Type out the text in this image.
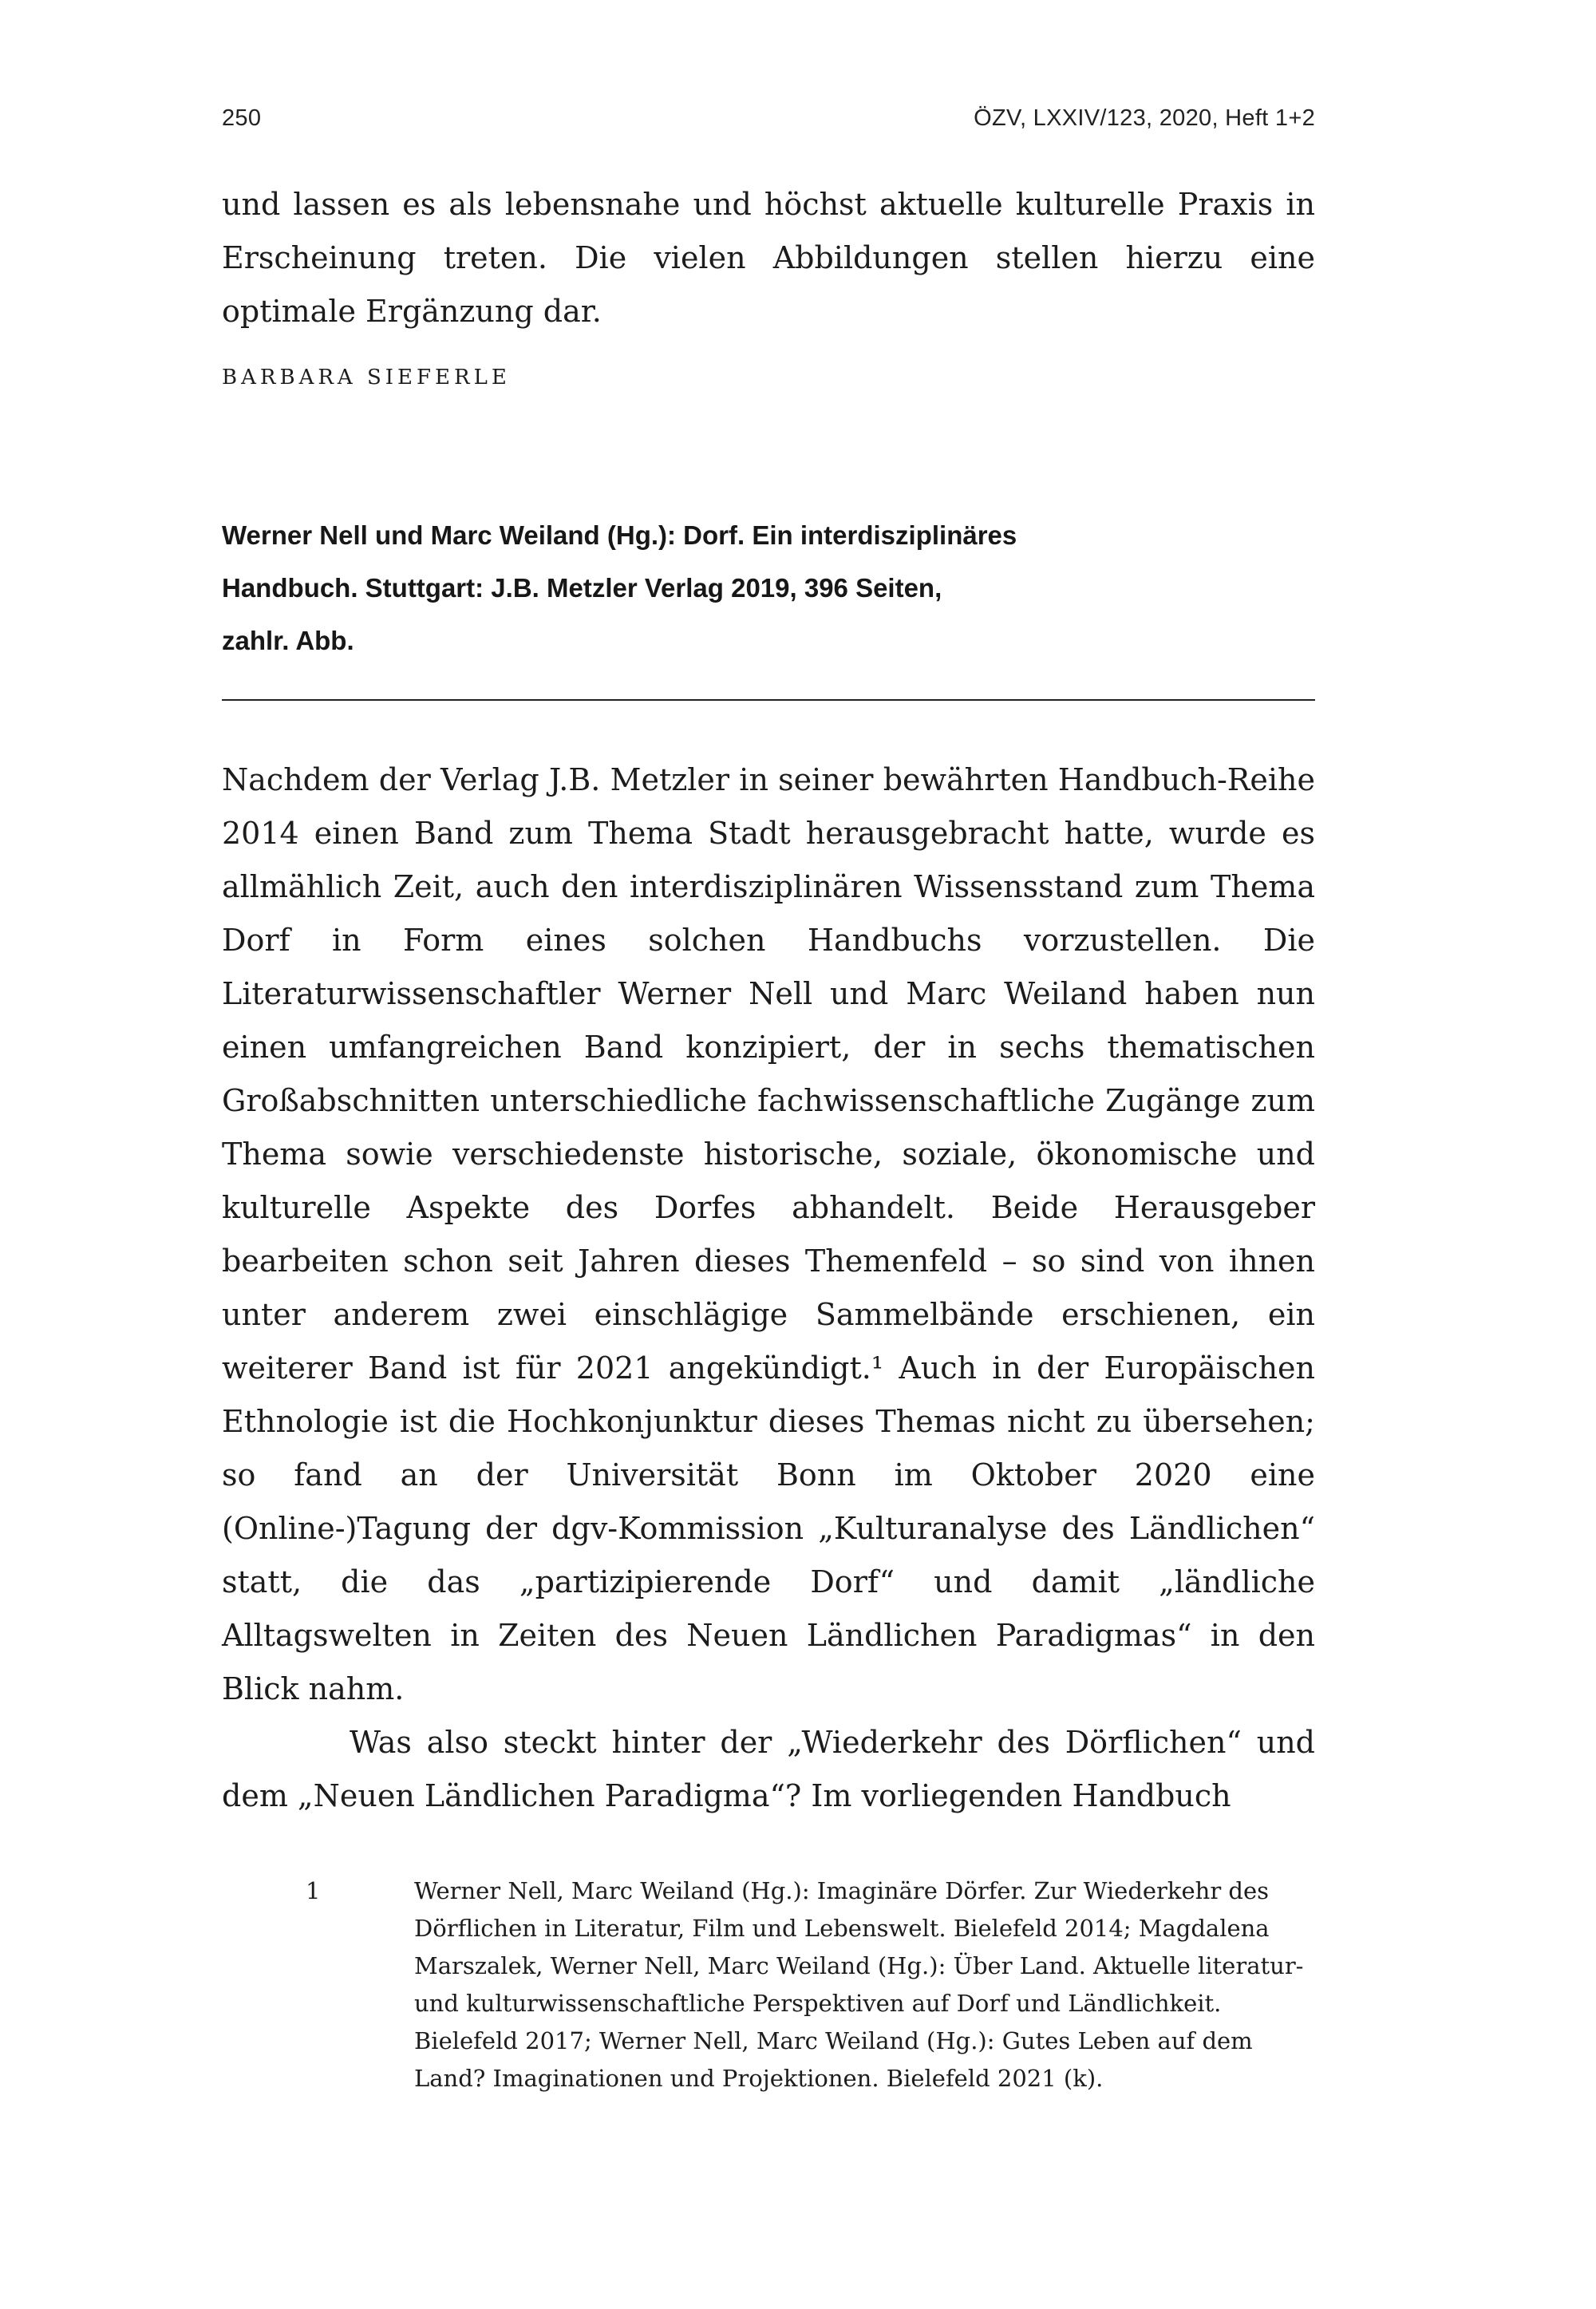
250	ÖZV, LXXIV/123, 2020, Heft 1+2

und lassen es als lebensnahe und höchst aktuelle kulturelle Praxis in Erscheinung treten. Die vielen Abbildungen stellen hierzu eine optimale Ergänzung dar.

BARBARA SIEFERLE
Werner Nell und Marc Weiland (Hg.): Dorf. Ein interdisziplinäres
Handbuch. Stuttgart: J.B. Metzler Verlag 2019, 396 Seiten,
zahlr. Abb.

Nachdem der Verlag J.B. Metzler in seiner bewährten Handbuch-Reihe 2014 einen Band zum Thema Stadt herausgebracht hatte, wurde es allmählich Zeit, auch den interdisziplinären Wissensstand zum Thema Dorf in Form eines solchen Handbuchs vorzustellen. Die Literaturwissenschaftler Werner Nell und Marc Weiland haben nun einen umfangreichen Band konzipiert, der in sechs thematischen Großabschnitten unterschiedliche fachwissenschaftliche Zugänge zum Thema sowie verschiedenste historische, soziale, ökonomische und kulturelle Aspekte des Dorfes abhandelt. Beide Herausgeber bearbeiten schon seit Jahren dieses Themenfeld – so sind von ihnen unter anderem zwei einschlägige Sammelbände erschienen, ein weiterer Band ist für 2021 angekündigt.¹ Auch in der Europäischen Ethnologie ist die Hochkonjunktur dieses Themas nicht zu übersehen; so fand an der Universität Bonn im Oktober 2020 eine (Online-)Tagung der dgv-Kommission „Kulturanalyse des Ländlichen“ statt, die das „partizipierende Dorf“ und damit „ländliche Alltagswelten in Zeiten des Neuen Ländlichen Paradigmas“ in den Blick nahm.

Was also steckt hinter der „Wiederkehr des Dörflichen“ und dem „Neuen Ländlichen Paradigma“? Im vorliegenden Handbuch

1	Werner Nell, Marc Weiland (Hg.): Imaginäre Dörfer. Zur Wiederkehr des Dörflichen in Literatur, Film und Lebenswelt. Bielefeld 2014; Magdalena Marszalek, Werner Nell, Marc Weiland (Hg.): Über Land. Aktuelle literatur- und kulturwissenschaftliche Perspektiven auf Dorf und Ländlichkeit. Bielefeld 2017; Werner Nell, Marc Weiland (Hg.): Gutes Leben auf dem Land? Imaginationen und Projektionen. Bielefeld 2021 (k).
